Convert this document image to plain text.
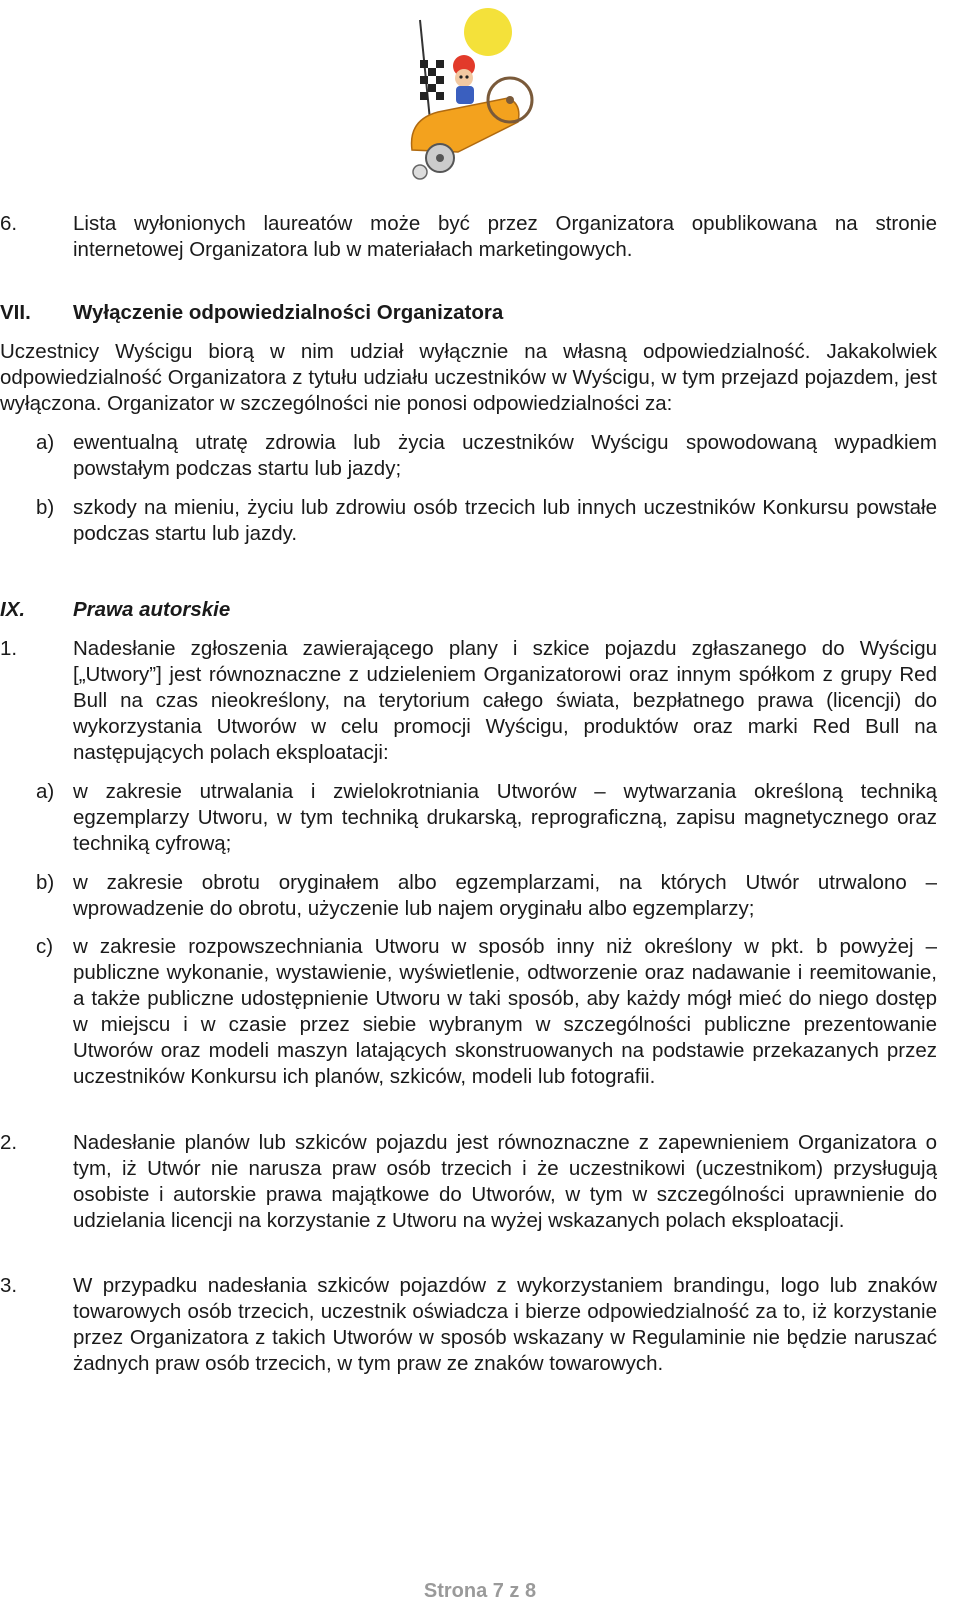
6.	Lista wyłonionych laureatów może być przez Organizatora opublikowana na stronie internetowej Organizatora lub w materiałach marketingowych.
VII. Wyłączenie odpowiedzialności Organizatora
Uczestnicy Wyścigu biorą w nim udział wyłącznie na własną odpowiedzialność. Jakakolwiek odpowiedzialność Organizatora z tytułu udziału uczestników w Wyścigu, w tym przejazd pojazdem, jest wyłączona. Organizator w szczególności nie ponosi odpowiedzialności za:
a) ewentualną utratę zdrowia lub życia uczestników Wyścigu spowodowaną wypadkiem powstałym podczas startu lub jazdy;
b) szkody na mieniu, życiu lub zdrowiu osób trzecich lub innych uczestników Konkursu powstałe podczas startu lub jazdy.
IX. Prawa autorskie
1.	Nadesłanie zgłoszenia zawierającego plany i szkice pojazdu zgłaszanego do Wyścigu [„Utwory”] jest równoznaczne z udzieleniem Organizatorowi oraz innym spółkom z grupy Red Bull na czas nieokreślony, na terytorium całego świata, bezpłatnego prawa (licencji) do wykorzystania Utworów w celu promocji Wyścigu, produktów oraz marki Red Bull na następujących polach eksploatacji:
a) w zakresie utrwalania i zwielokrotniania Utworów – wytwarzania określoną techniką egzemplarzy Utworu, w tym techniką drukarską, reprograficzną, zapisu magnetycznego oraz techniką cyfrową;
b) w zakresie obrotu oryginałem albo egzemplarzami, na których Utwór utrwalono – wprowadzenie do obrotu, użyczenie lub najem oryginału albo egzemplarzy;
c) w zakresie rozpowszechniania Utworu w sposób inny niż określony w pkt. b powyżej – publiczne wykonanie, wystawienie, wyświetlenie, odtworzenie oraz nadawanie i reemitowanie, a także publiczne udostępnienie Utworu w taki sposób, aby każdy mógł mieć do niego dostęp w miejscu i w czasie przez siebie wybranym w szczególności publiczne prezentowanie Utworów oraz modeli maszyn latających skonstruowanych na podstawie przekazanych przez uczestników Konkursu ich planów, szkiców, modeli lub fotografii.
2.	Nadesłanie planów lub szkiców pojazdu jest równoznaczne z zapewnieniem Organizatora o tym, iż Utwór nie narusza praw osób trzecich i że uczestnikowi (uczestnikom) przysługują osobiste i autorskie prawa majątkowe do Utworów, w tym w szczególności uprawnienie do udzielania licencji na korzystanie z Utworu na wyżej wskazanych polach eksploatacji.
3.	W przypadku nadesłania szkiców pojazdów z wykorzystaniem brandingu, logo lub znaków towarowych osób trzecich, uczestnik oświadcza i bierze odpowiedzialność za to, iż korzystanie przez Organizatora z takich Utworów w sposób wskazany w Regulaminie nie będzie naruszać żadnych praw osób trzecich, w tym praw ze znaków towarowych.
Strona 7 z 8
